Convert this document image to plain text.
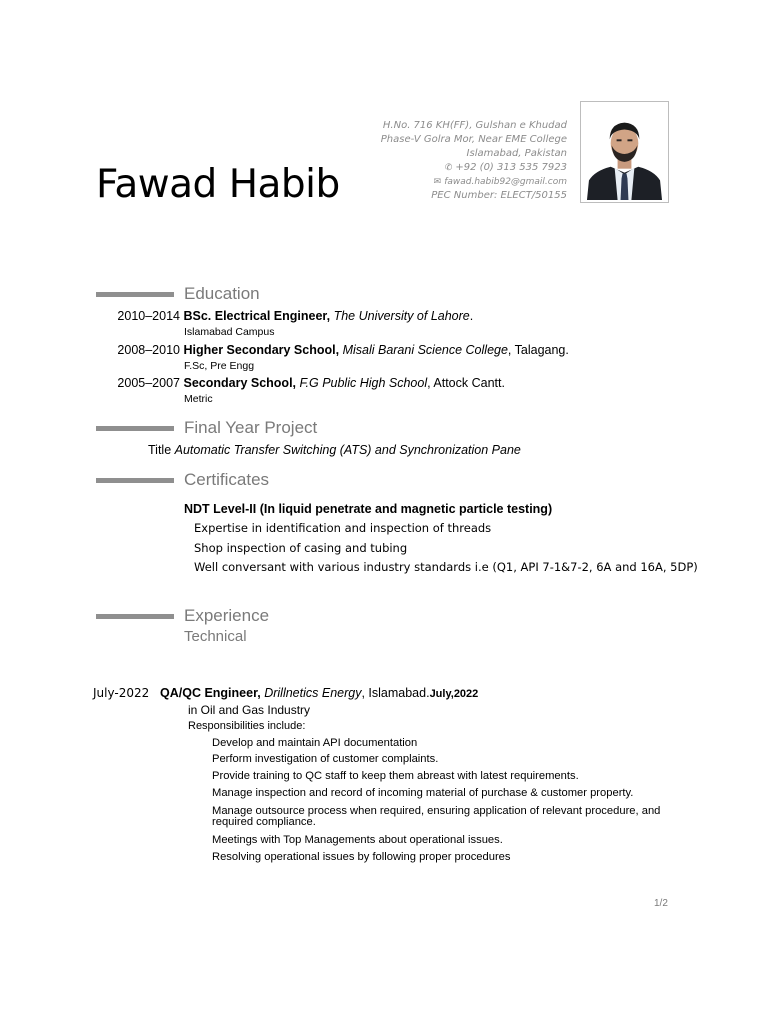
Fawad Habib
H.No. 716 KH(FF), Gulshan e Khudad
Phase-V Golra Mor, Near EME College
Islamabad, Pakistan
✆ +92 (0) 313 535 7923
✉ fawad.habib92@gmail.com
PEC Number: ELECT/50155
Education
2010–2014 BSc. Electrical Engineer, The University of Lahore.
Islamabad Campus
2008–2010 Higher Secondary School, Misali Barani Science College, Talagang.
F.Sc, Pre Engg
2005–2007 Secondary School, F.G Public High School, Attock Cantt.
Metric
Final Year Project
Title Automatic Transfer Switching (ATS) and Synchronization Pane
Certificates
NDT Level-II (In liquid penetrate and magnetic particle testing)
Expertise in identification and inspection of threads
Shop inspection of casing and tubing
Well conversant with various industry standards i.e (Q1, API 7-1&7-2, 6A and 16A, 5DP)
Experience
Technical
July-2022 QA/QC Engineer, Drillnetics Energy, Islamabad.July,2022
in Oil and Gas Industry
Responsibilities include:
Develop and maintain API documentation
Perform investigation of customer complaints.
Provide training to QC staff to keep them abreast with latest requirements.
Manage inspection and record of incoming material of purchase & customer property.
Manage outsource process when required, ensuring application of relevant procedure, and required compliance.
Meetings with Top Managements about operational issues.
Resolving operational issues by following proper procedures
1/2
